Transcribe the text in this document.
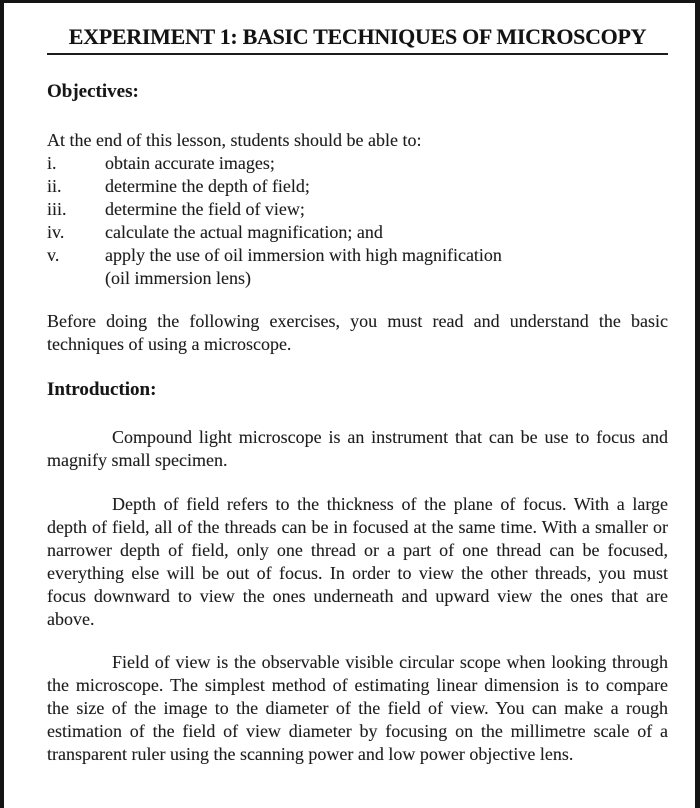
EXPERIMENT 1: BASIC TECHNIQUES OF MICROSCOPY
Objectives:

At the end of this lesson, students should be able to:

i.	obtain accurate images;
ii.	determine the depth of field;
iii.	determine the field of view;
iv.	calculate the actual magnification; and
v.	apply the use of oil immersion with high magnification
(oil immersion lens)

Before doing the following exercises, you must read and understand the basic techniques of using a microscope.

Introduction:

Compound light microscope is an instrument that can be use to focus and magnify small specimen.

Depth of field refers to the thickness of the plane of focus. With a large depth of field, all of the threads can be in focused at the same time. With a smaller or narrower depth of field, only one thread or a part of one thread can be focused, everything else will be out of focus. In order to view the other threads, you must focus downward to view the ones underneath and upward view the ones that are above.

Field of view is the observable visible circular scope when looking through the microscope. The simplest method of estimating linear dimension is to compare the size of the image to the diameter of the field of view. You can make a rough estimation of the field of view diameter by focusing on the millimetre scale of a transparent ruler using the scanning power and low power objective lens.
